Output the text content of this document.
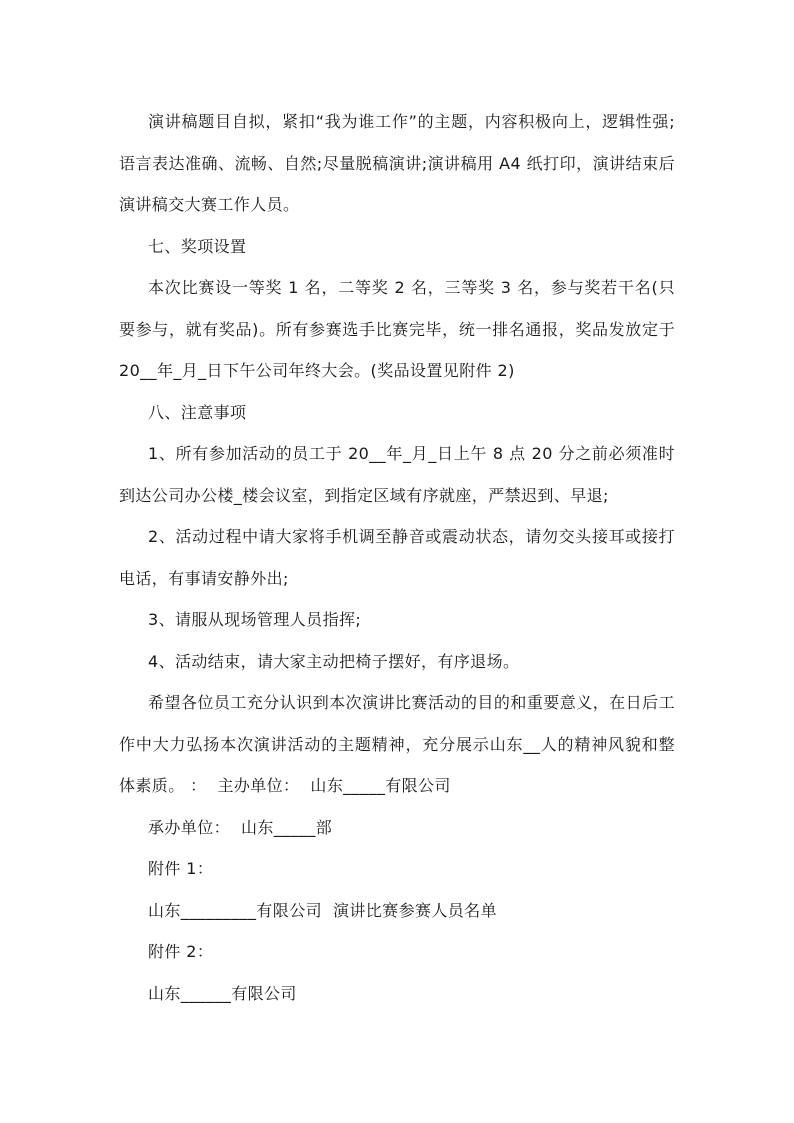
演讲稿题目自拟，紧扣“我为谁工作”的主题，内容积极向上，逻辑性强;语言表达准确、流畅、自然;尽量脱稿演讲;演讲稿用 A4 纸打印，演讲结束后演讲稿交大赛工作人员。

七、奖项设置

本次比赛设一等奖 1 名，二等奖 2 名，三等奖 3 名，参与奖若干名(只要参与，就有奖品)。所有参赛选手比赛完毕，统一排名通报，奖品发放定于 20__年_月_日下午公司年终大会。(奖品设置见附件 2)

八、注意事项

1、所有参加活动的员工于 20__年_月_日上午 8 点 20 分之前必须准时到达公司办公楼_楼会议室，到指定区域有序就座，严禁迟到、早退;

2、活动过程中请大家将手机调至静音或震动状态，请勿交头接耳或接打电话，有事请安静外出;

3、请服从现场管理人员指挥;

4、活动结束，请大家主动把椅子摆好，有序退场。

希望各位员工充分认识到本次演讲比赛活动的目的和重要意义，在日后工作中大力弘扬本次演讲活动的主题精神，充分展示山东__人的精神风貌和整体素质。 ：  主办单位：  山东_____有限公司

承办单位：  山东_____部

附件 1：

山东_________有限公司  演讲比赛参赛人员名单

附件 2：

山东______有限公司
